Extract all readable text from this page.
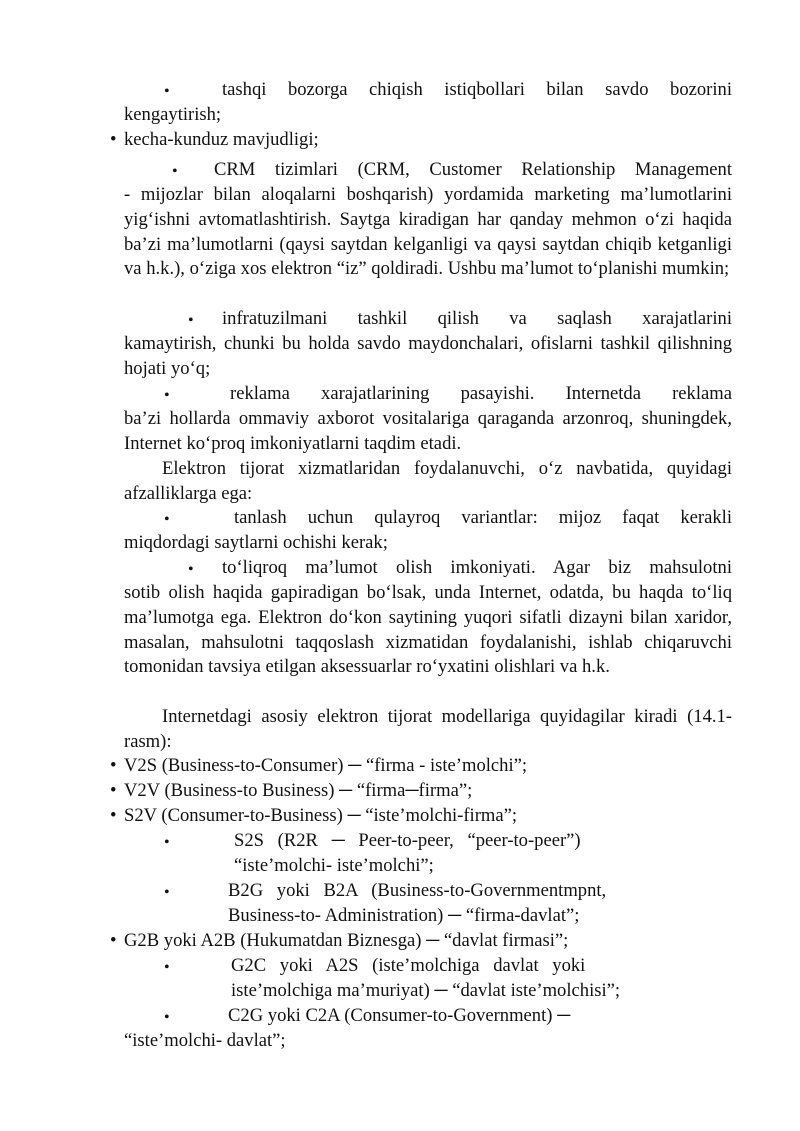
•	tashqi bozorga chiqish istiqbollari bilan savdo bozorini
kengaytirish;
• kecha-kunduz mavjudligi;
• CRM tizimlari (CRM, Customer Relationship Management
- mijozlar bilan aloqalarni boshqarish) yordamida marketing ma’lumotlarini yig‘ishni avtomatlashtirish. Saytga kiradigan har qanday mehmon o‘zi haqida ba’zi ma’lumotlarni (qaysi saytdan kelganligi va qaysi saytdan chiqib ketganligi va h.k.), o‘ziga xos elektron “iz” qoldiradi. Ushbu ma’lumot to‘planishi mumkin;
• infratuzilmani tashkil qilish va saqlash xarajatlarini
kamaytirish, chunki bu holda savdo maydonchalari, ofislarni tashkil qilishning hojati yo‘q;
•	reklama xarajatlarining pasayishi. Internetda reklama
ba’zi hollarda ommaviy axborot vositalariga qaraganda arzonroq, shuningdek, Internet ko‘proq imkoniyatlarni taqdim etadi.
Elektron tijorat xizmatlaridan foydalanuvchi, o‘z navbatida, quyidagi afzalliklarga ega:
•	tanlash uchun qulayroq variantlar: mijoz faqat kerakli
miqdordagi saytlarni ochishi kerak;
• to‘liqroq ma’lumot olish imkoniyati. Agar biz mahsulotni
sotib olish haqida gapiradigan bo‘lsak, unda Internet, odatda, bu haqda to‘liq ma’lumotga ega. Elektron do‘kon saytining yuqori sifatli dizayni bilan xaridor, masalan, mahsulotni taqqoslash xizmatidan foydalanishi, ishlab chiqaruvchi tomonidan tavsiya etilgan aksessuarlar ro‘yxatini olishlari va h.k.
Internetdagi asosiy elektron tijorat modellariga quyidagilar kiradi (14.1-rasm):
• V2S (Business-to-Consumer) ─ “firma - iste’molchi”;
• V2V (Business-to Business) ─ “firma─firma”;
• S2V (Consumer-to-Business) ─ “iste’molchi-firma”;
•	S2S (R2R ─ Peer-to-peer, “peer-to-peer”)
“iste’molchi- iste’molchi”;
•	B2G yoki B2A (Business-to-Governmentmpnt,
Business-to- Administration) ─ “firma-davlat”;
• G2B yoki A2B (Hukumatdan Biznesga) ─ “davlat firmasi”;
•	G2C yoki A2S (iste’molchiga davlat yoki
iste’molchiga ma’muriyat) ─ “davlat iste’molchisi”;
•	C2G yoki C2A (Consumer-to-Government) ─
“iste’molchi- davlat”;
